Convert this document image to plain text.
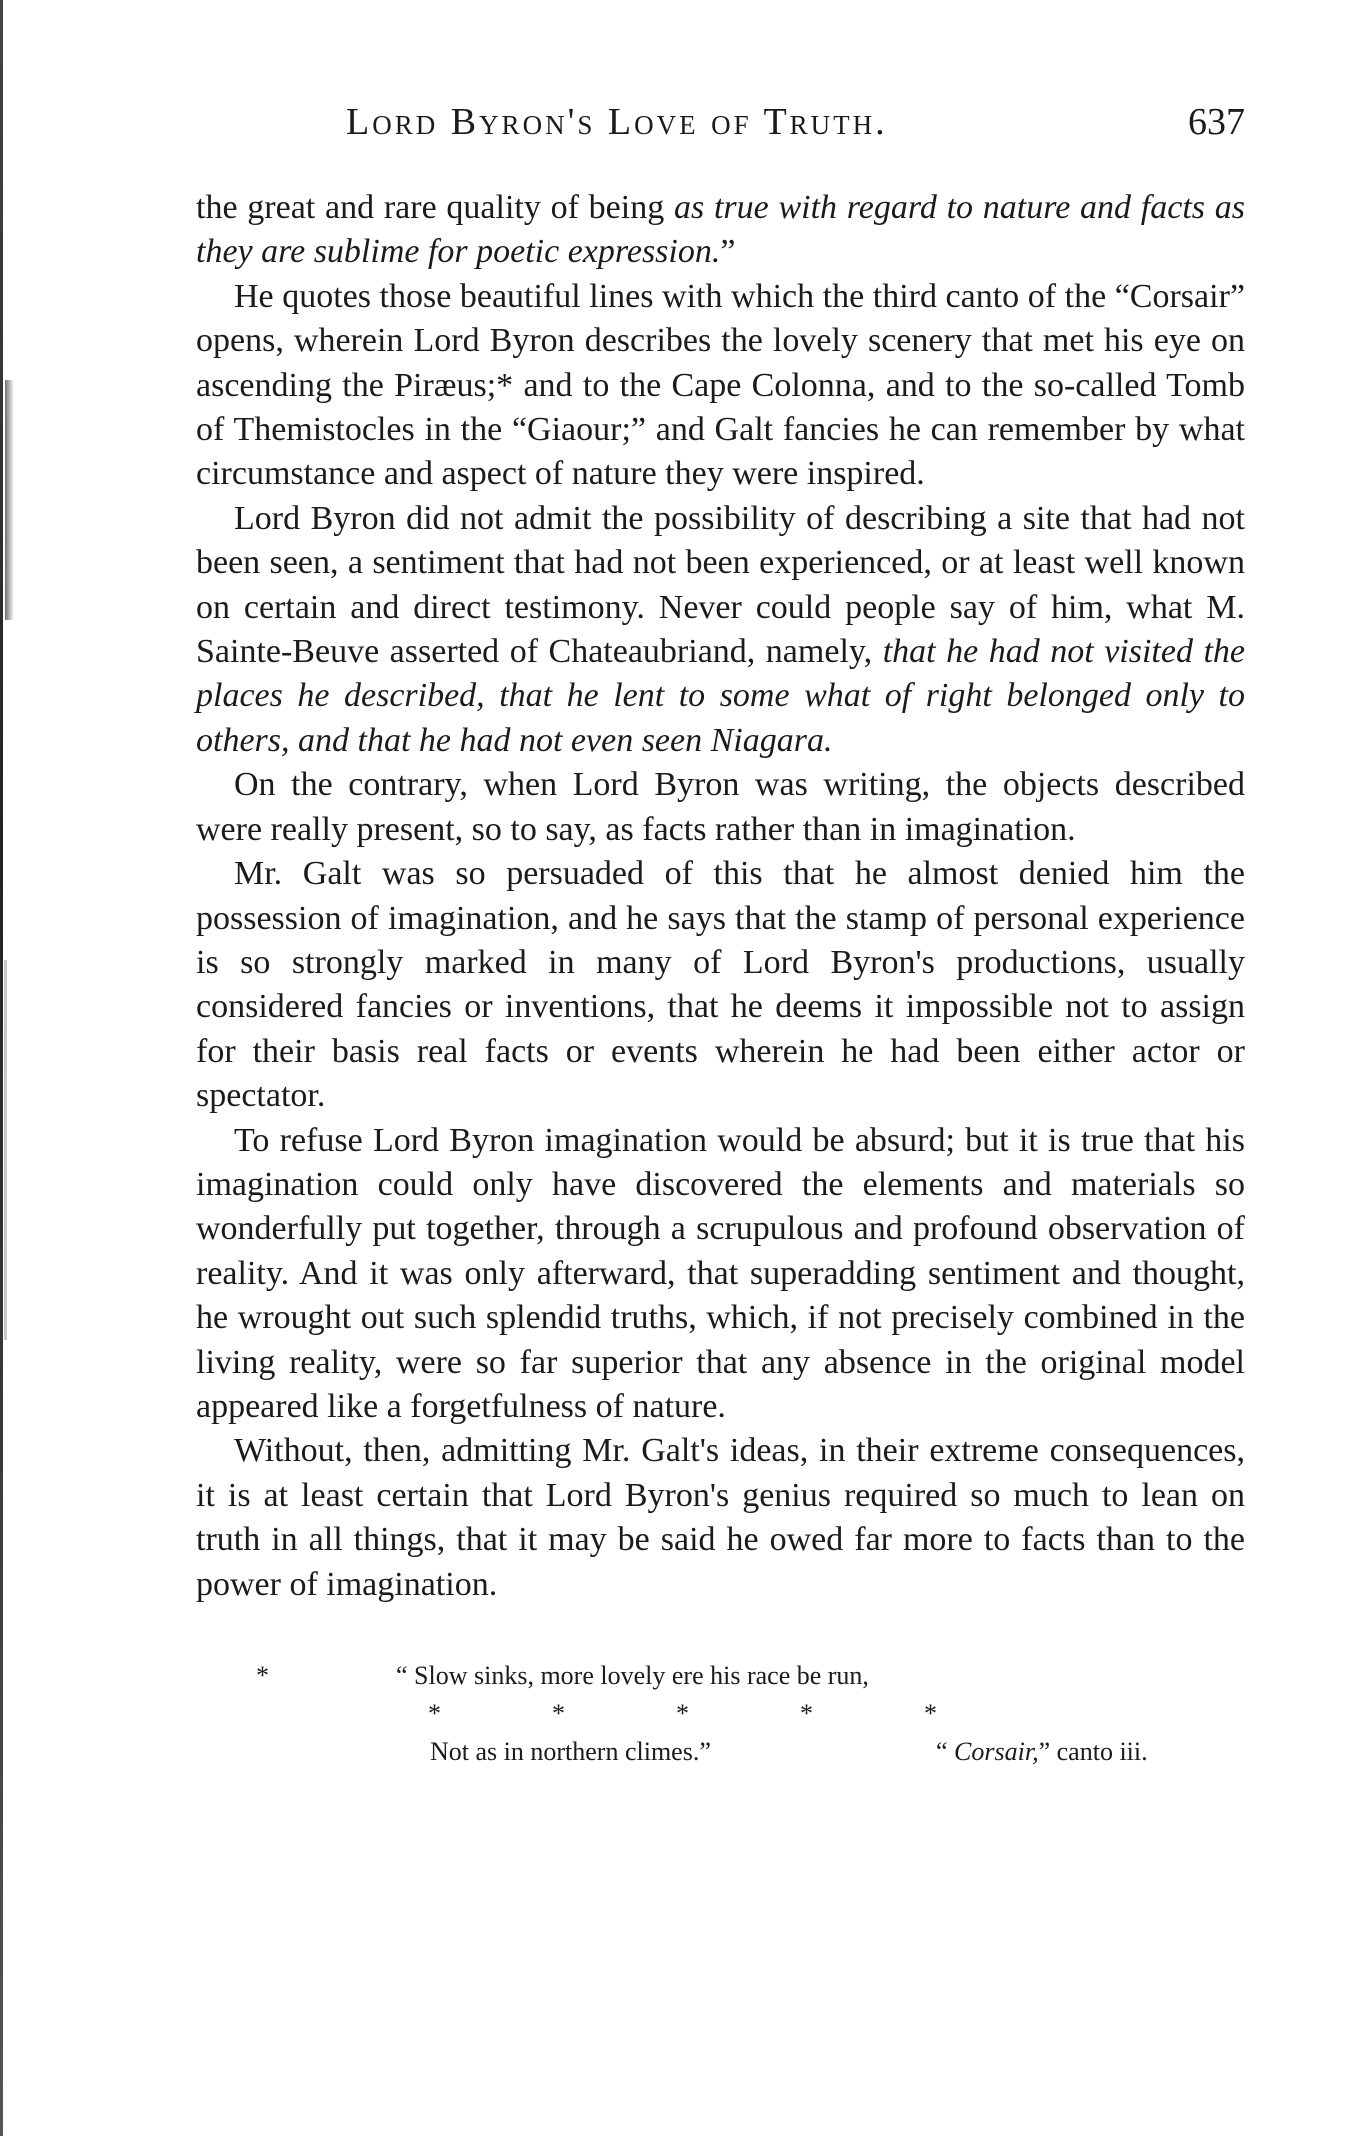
Lord Byron's Love of Truth.	637

the great and rare quality of being as true with regard to nature and facts as they are sublime for poetic expression.”

He quotes those beautiful lines with which the third canto of the “Corsair” opens, wherein Lord Byron describes the lovely scenery that met his eye on ascending the Piræus;* and to the Cape Colonna, and to the so-called Tomb of Themistocles in the “Giaour;” and Galt fancies he can remember by what circumstance and aspect of nature they were inspired.

Lord Byron did not admit the possibility of describing a site that had not been seen, a sentiment that had not been experienced, or at least well known on certain and direct testimony. Never could people say of him, what M. Sainte-Beuve asserted of Chateaubriand, namely, that he had not visited the places he described, that he lent to some what of right belonged only to others, and that he had not even seen Niagara.

On the contrary, when Lord Byron was writing, the objects described were really present, so to say, as facts rather than in imagination.

Mr. Galt was so persuaded of this that he almost denied him the possession of imagination, and he says that the stamp of personal experience is so strongly marked in many of Lord Byron's productions, usually considered fancies or inventions, that he deems it impossible not to assign for their basis real facts or events wherein he had been either actor or spectator.

To refuse Lord Byron imagination would be absurd; but it is true that his imagination could only have discovered the elements and materials so wonderfully put together, through a scrupulous and profound observation of reality. And it was only afterward, that superadding sentiment and thought, he wrought out such splendid truths, which, if not precisely combined in the living reality, were so far superior that any absence in the original model appeared like a forgetfulness of nature.

Without, then, admitting Mr. Galt's ideas, in their extreme consequences, it is at least certain that Lord Byron's genius required so much to lean on truth in all things, that it may be said he owed far more to facts than to the power of imagination.

*	“ Slow sinks, more lovely ere his race be run,
*	*	*	*	*
Not as in northern climes.”	“ Corsair,” canto iii.
